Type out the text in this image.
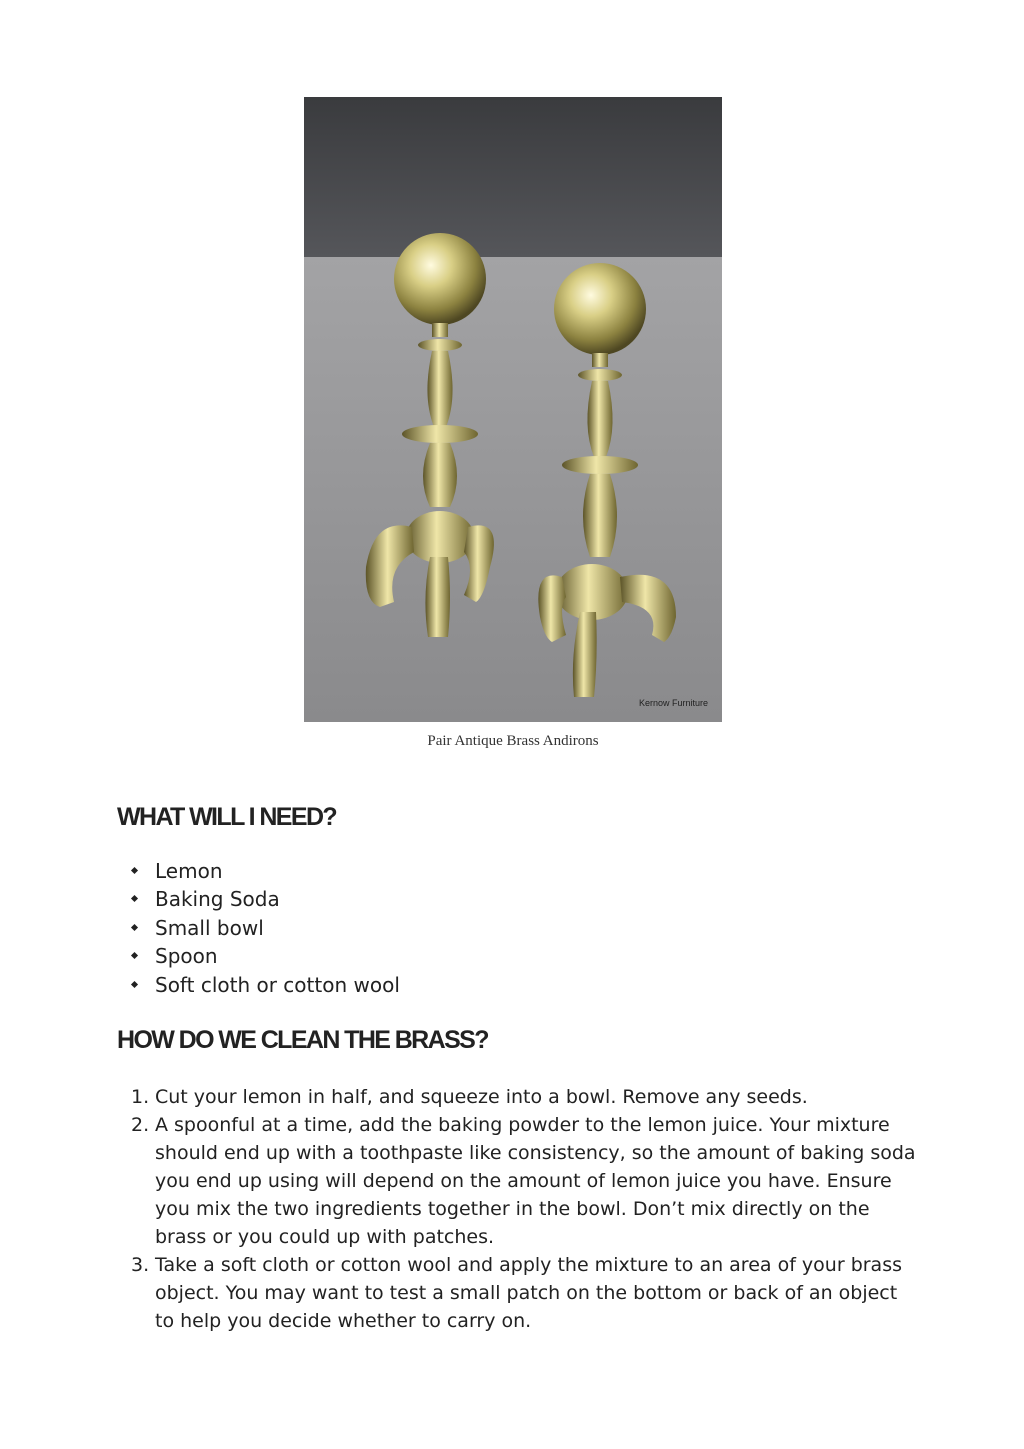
Kernow Furniture
Pair Antique Brass Andirons
WHAT WILL I NEED?
Lemon
Baking Soda
Small bowl
Spoon
Soft cloth or cotton wool
HOW DO WE CLEAN THE BRASS?
1. Cut your lemon in half, and squeeze into a bowl. Remove any seeds.
2. A spoonful at a time, add the baking powder to the lemon juice. Your mixture should end up with a toothpaste like consistency, so the amount of baking soda you end up using will depend on the amount of lemon juice you have. Ensure you mix the two ingredients together in the bowl. Don’t mix directly on the brass or you could up with patches.
3. Take a soft cloth or cotton wool and apply the mixture to an area of your brass object. You may want to test a small patch on the bottom or back of an object to help you decide whether to carry on.
